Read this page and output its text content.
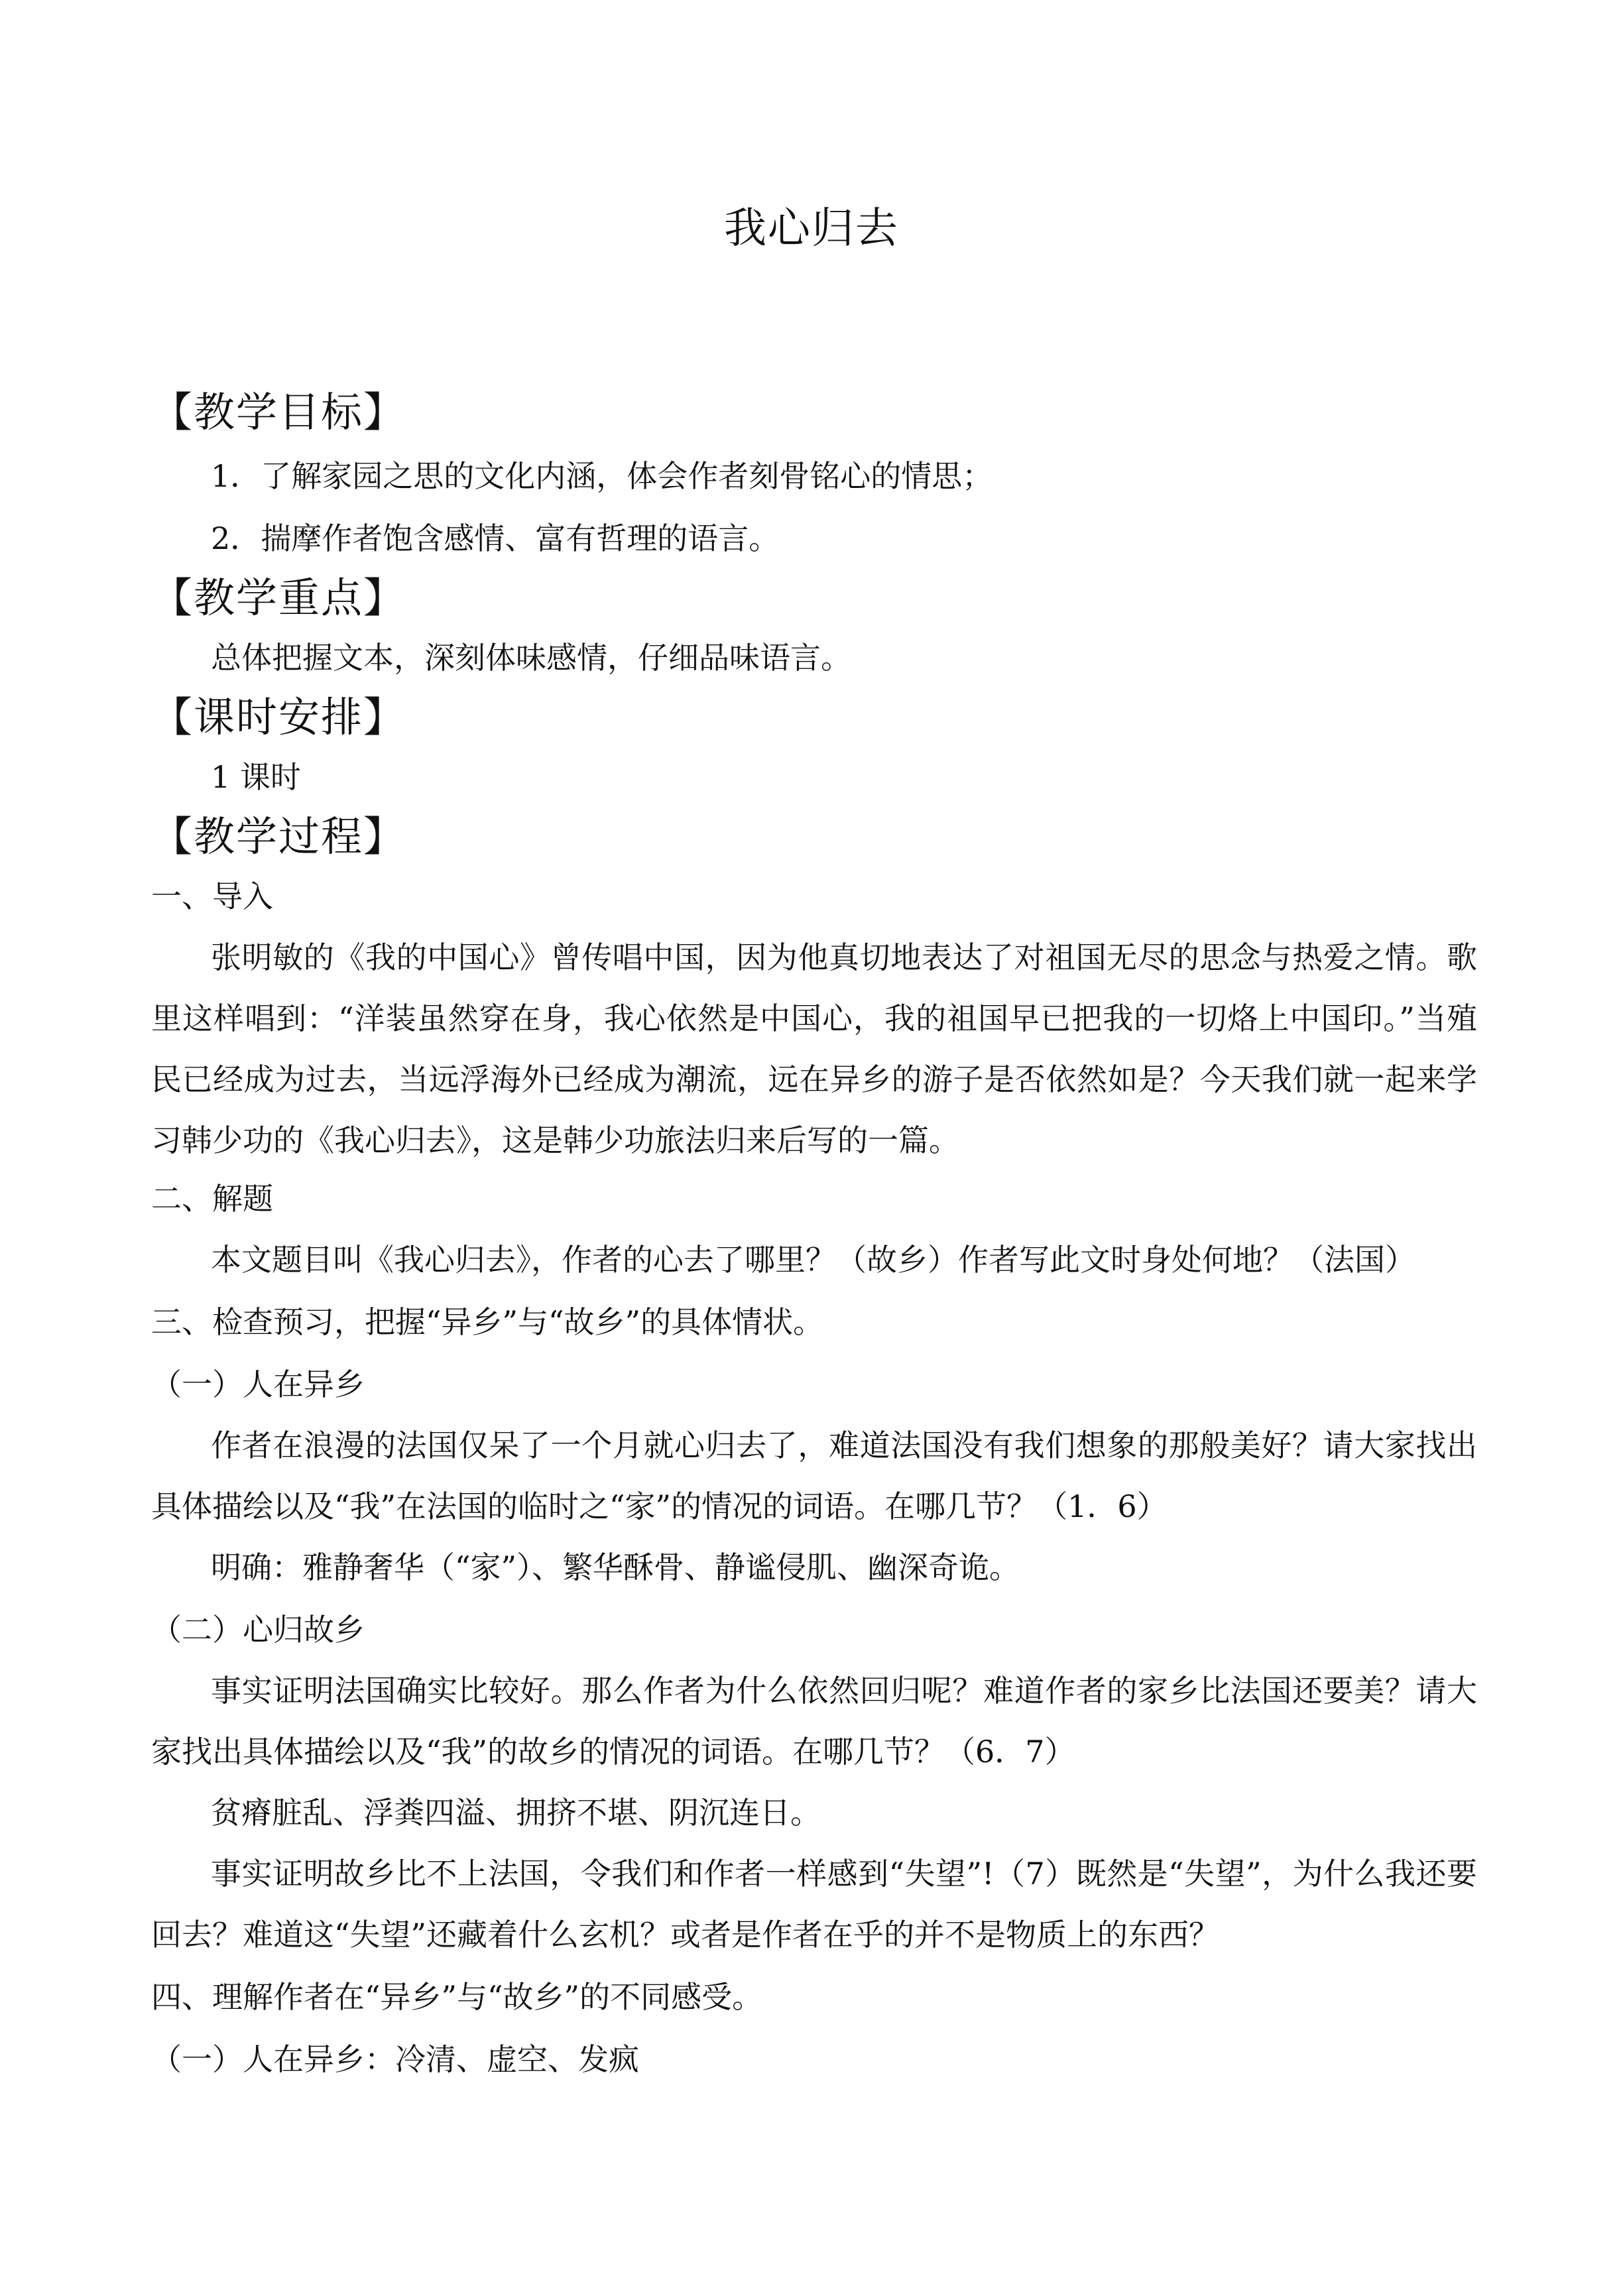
我心归去
【教学目标】
1．了解家园之思的文化内涵，体会作者刻骨铭心的情思；
2．揣摩作者饱含感情、富有哲理的语言。
【教学重点】
总体把握文本，深刻体味感情，仔细品味语言。
【课时安排】
1 课时
【教学过程】
一、导入
张明敏的《我的中国心》曾传唱中国，因为他真切地表达了对祖国无尽的思念与热爱之情。歌里这样唱到：“洋装虽然穿在身，我心依然是中国心，我的祖国早已把我的一切烙上中国印。”当殖民已经成为过去，当远浮海外已经成为潮流，远在异乡的游子是否依然如是？今天我们就一起来学习韩少功的《我心归去》，这是韩少功旅法归来后写的一篇。
二、解题
本文题目叫《我心归去》，作者的心去了哪里？（故乡）作者写此文时身处何地？（法国）
三、检查预习，把握“异乡”与“故乡”的具体情状。
（一）人在异乡
作者在浪漫的法国仅呆了一个月就心归去了，难道法国没有我们想象的那般美好？请大家找出具体描绘以及“我”在法国的临时之“家”的情况的词语。在哪几节？（1．6）
明确：雅静奢华（“家”）、繁华酥骨、静谧侵肌、幽深奇诡。
（二）心归故乡
事实证明法国确实比较好。那么作者为什么依然回归呢？难道作者的家乡比法国还要美？请大家找出具体描绘以及“我”的故乡的情况的词语。在哪几节？（6．7）
贫瘠脏乱、浮粪四溢、拥挤不堪、阴沉连日。
事实证明故乡比不上法国，令我们和作者一样感到“失望”!（7）既然是“失望”，为什么我还要回去？难道这“失望”还藏着什么玄机？或者是作者在乎的并不是物质上的东西？
四、理解作者在“异乡”与“故乡”的不同感受。
（一）人在异乡：冷清、虚空、发疯
